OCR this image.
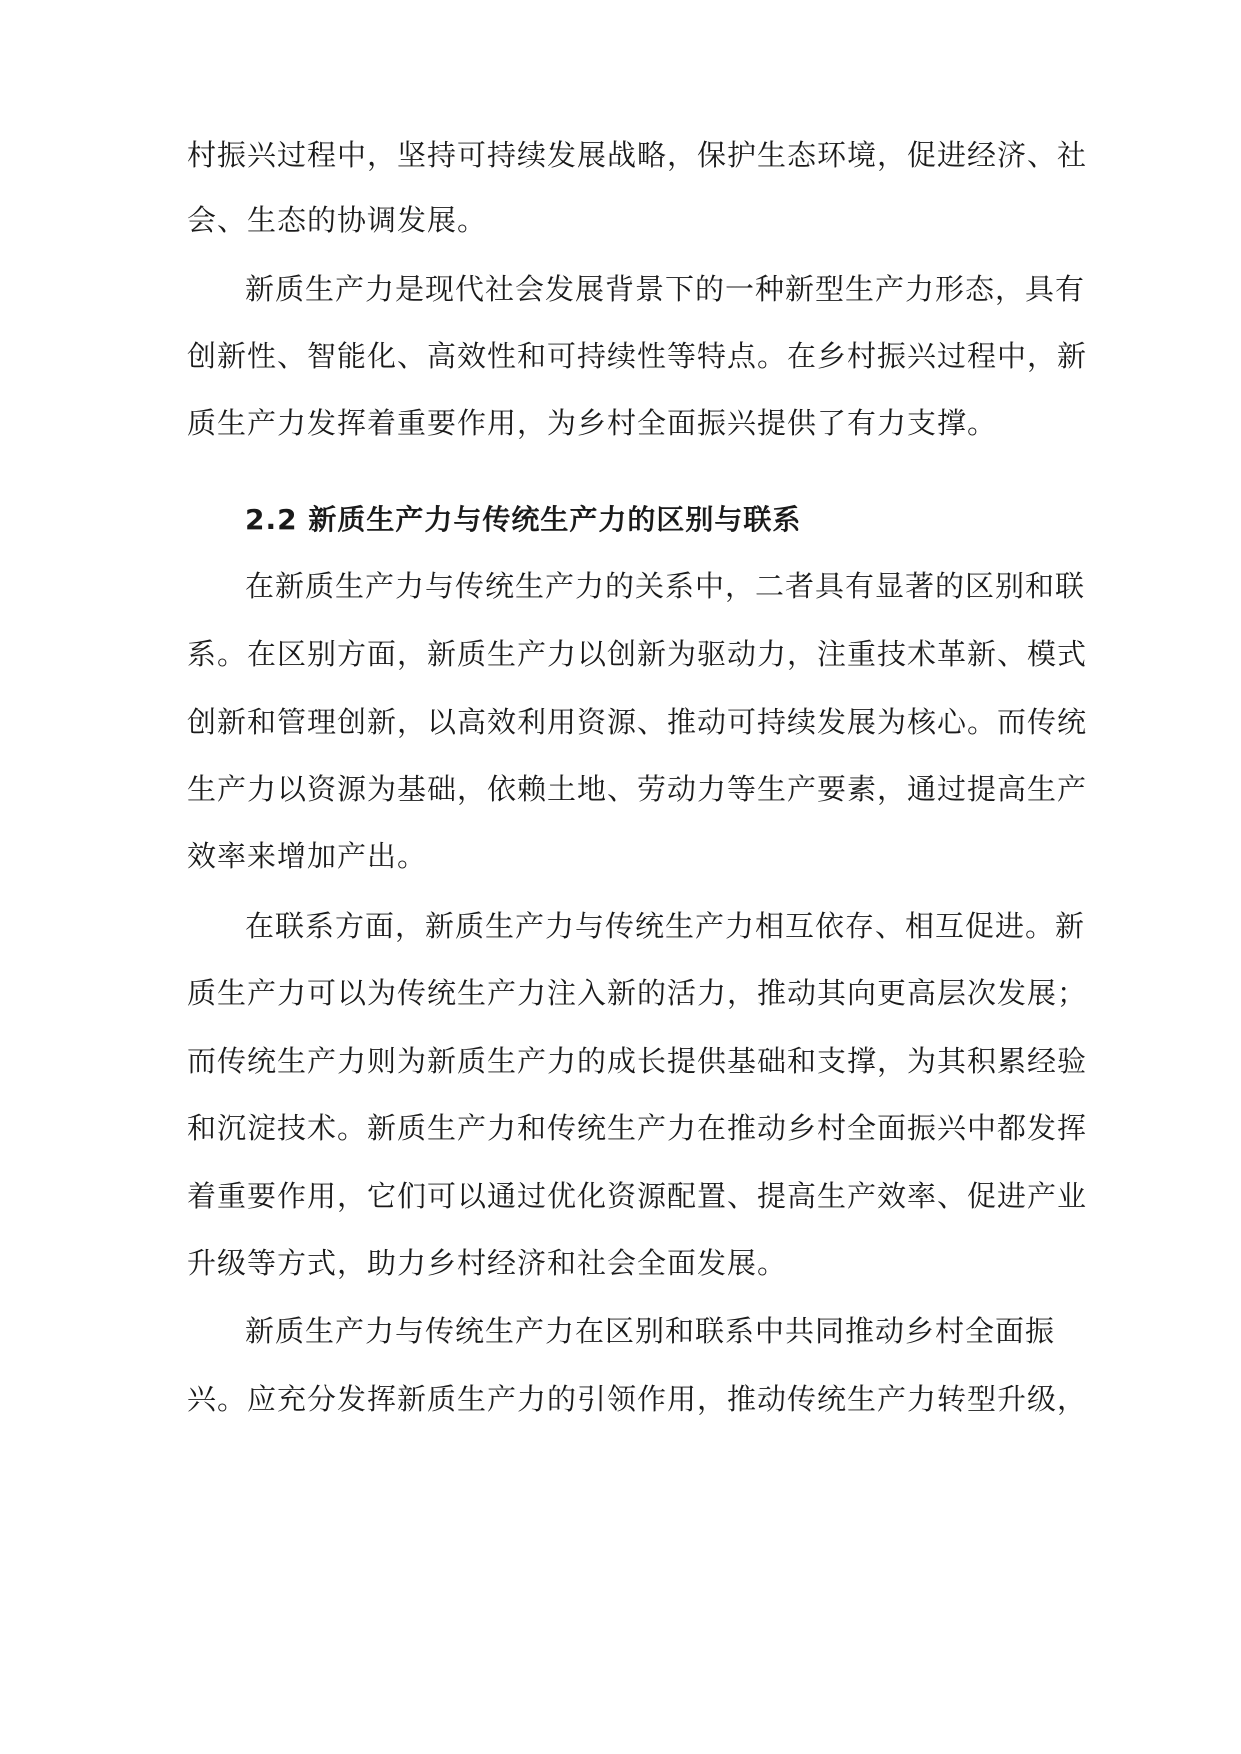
村振兴过程中，坚持可持续发展战略，保护生态环境，促进经济、社
会、生态的协调发展。
新质生产力是现代社会发展背景下的一种新型生产力形态，具有
创新性、智能化、高效性和可持续性等特点。在乡村振兴过程中，新
质生产力发挥着重要作用，为乡村全面振兴提供了有力支撑。
2.2 新质生产力与传统生产力的区别与联系
在新质生产力与传统生产力的关系中，二者具有显著的区别和联
系。在区别方面，新质生产力以创新为驱动力，注重技术革新、模式
创新和管理创新，以高效利用资源、推动可持续发展为核心。而传统
生产力以资源为基础，依赖土地、劳动力等生产要素，通过提高生产
效率来增加产出。
在联系方面，新质生产力与传统生产力相互依存、相互促进。新
质生产力可以为传统生产力注入新的活力，推动其向更高层次发展；
而传统生产力则为新质生产力的成长提供基础和支撑，为其积累经验
和沉淀技术。新质生产力和传统生产力在推动乡村全面振兴中都发挥
着重要作用，它们可以通过优化资源配置、提高生产效率、促进产业
升级等方式，助力乡村经济和社会全面发展。
新质生产力与传统生产力在区别和联系中共同推动乡村全面振
兴。应充分发挥新质生产力的引领作用，推动传统生产力转型升级，
